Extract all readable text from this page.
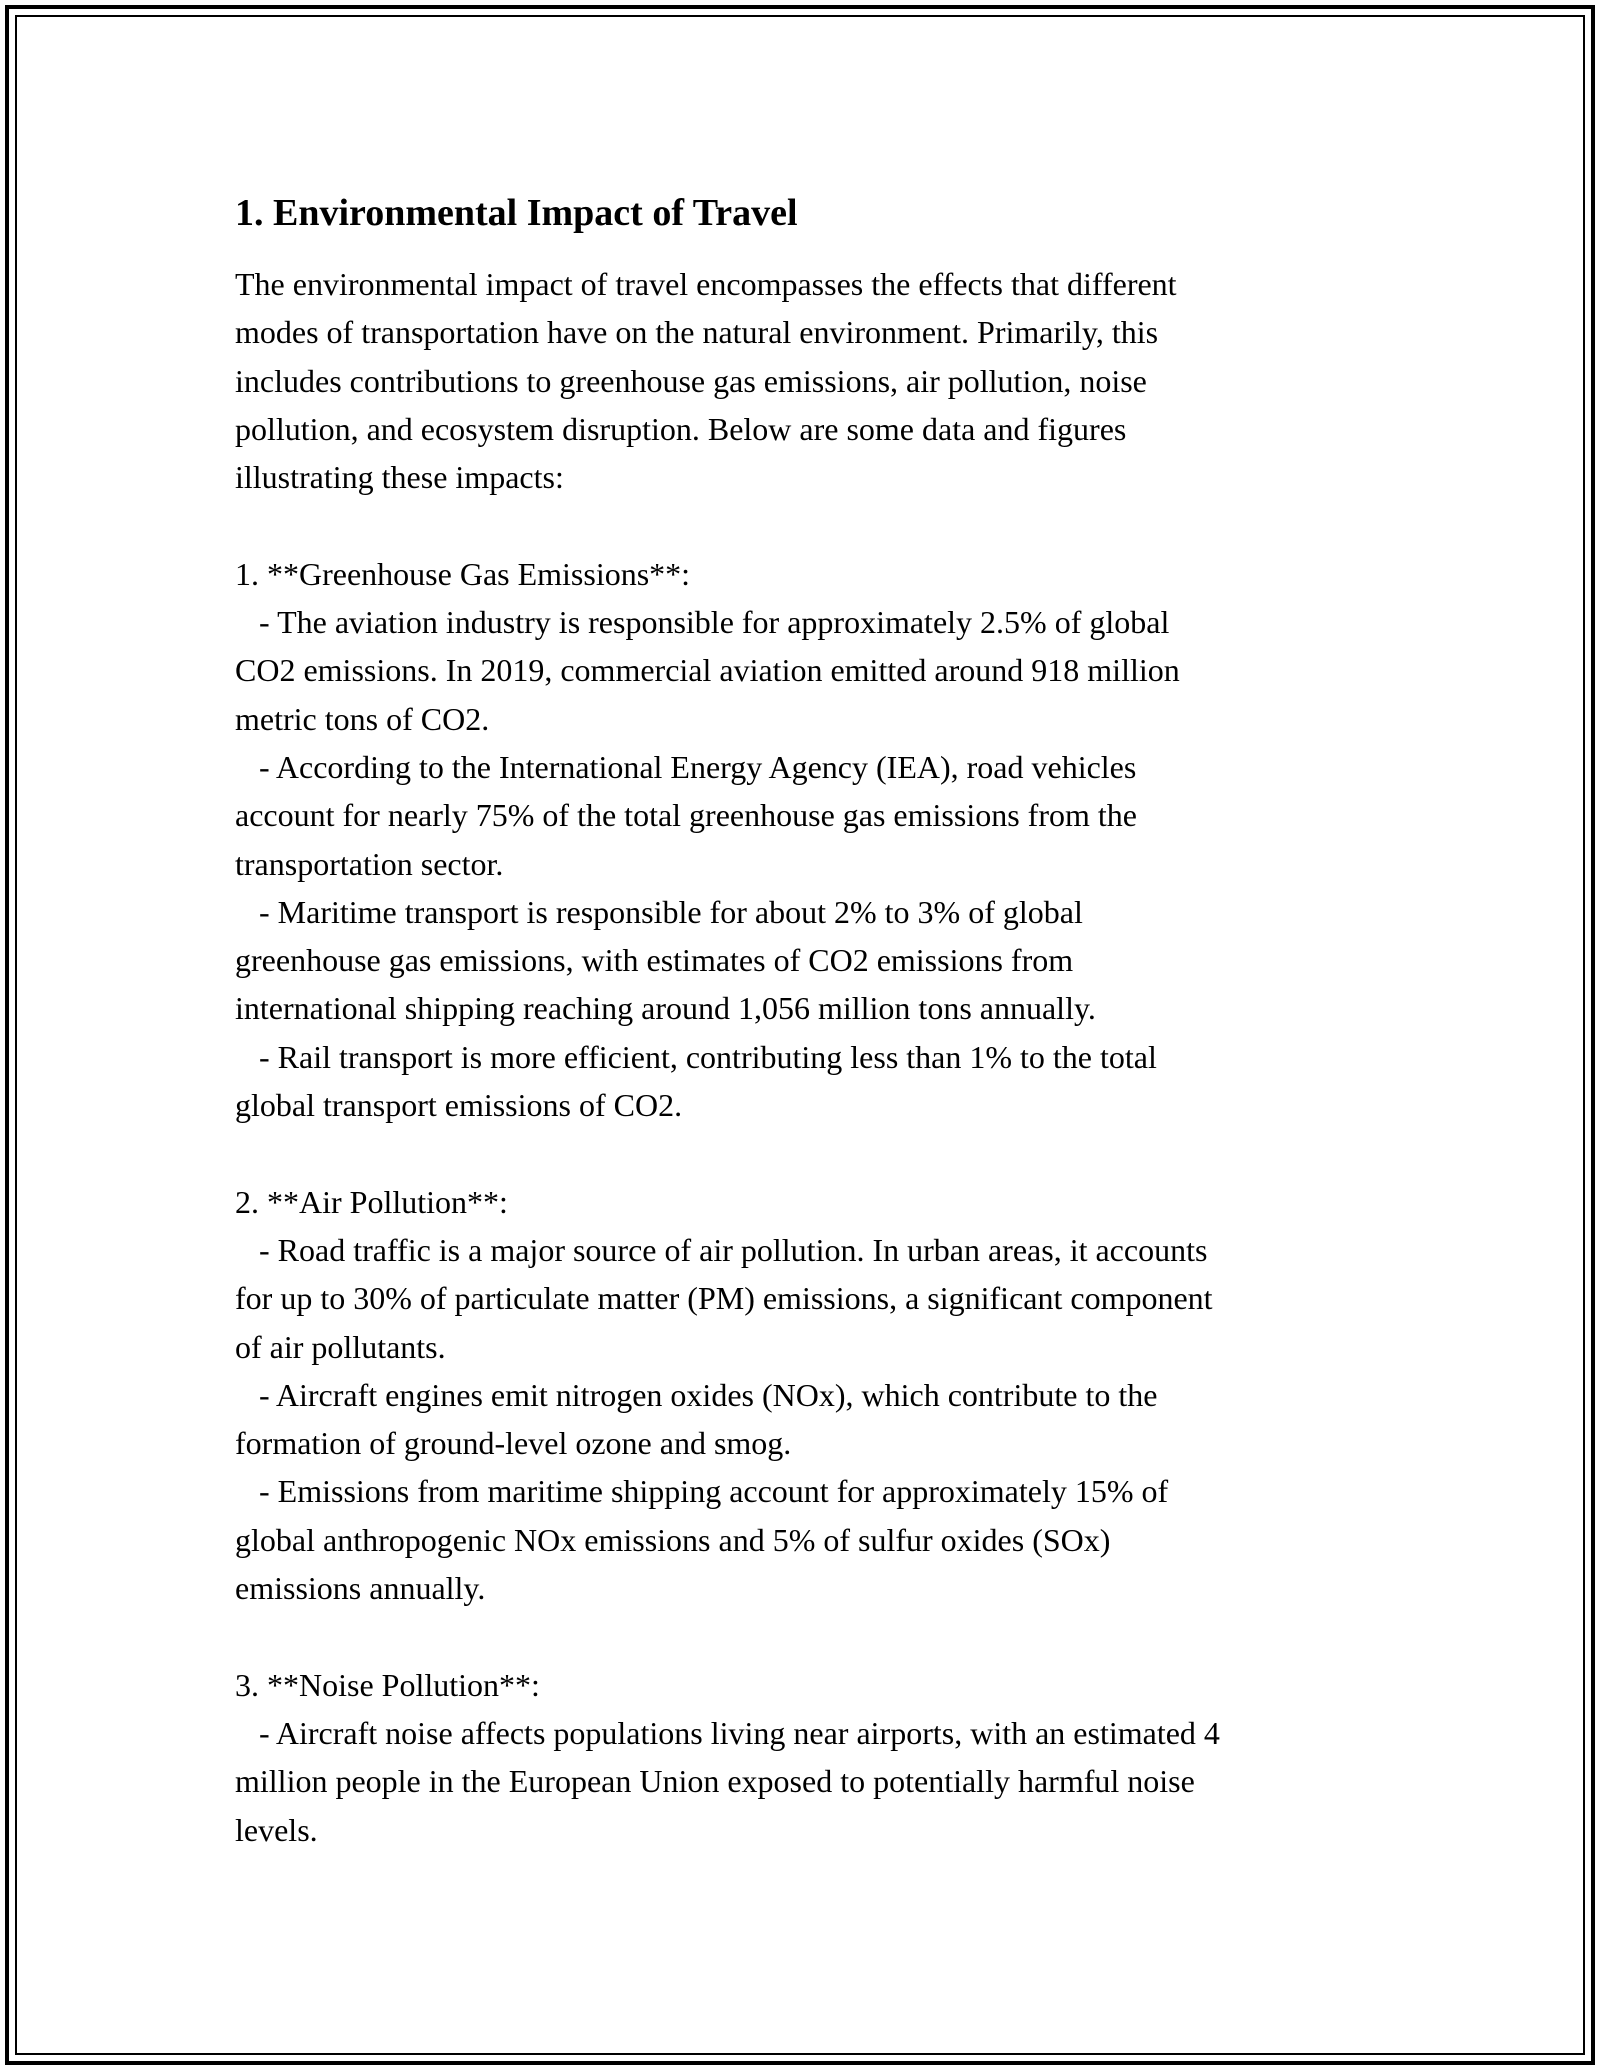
1. Environmental Impact of Travel

The environmental impact of travel encompasses the effects that different
modes of transportation have on the natural environment. Primarily, this
includes contributions to greenhouse gas emissions, air pollution, noise
pollution, and ecosystem disruption. Below are some data and figures
illustrating these impacts:

1. **Greenhouse Gas Emissions**:
- The aviation industry is responsible for approximately 2.5% of global
CO2 emissions. In 2019, commercial aviation emitted around 918 million
metric tons of CO2.
- According to the International Energy Agency (IEA), road vehicles
account for nearly 75% of the total greenhouse gas emissions from the
transportation sector.
- Maritime transport is responsible for about 2% to 3% of global
greenhouse gas emissions, with estimates of CO2 emissions from
international shipping reaching around 1,056 million tons annually.
- Rail transport is more efficient, contributing less than 1% to the total
global transport emissions of CO2.

2. **Air Pollution**:
- Road traffic is a major source of air pollution. In urban areas, it accounts
for up to 30% of particulate matter (PM) emissions, a significant component
of air pollutants.
- Aircraft engines emit nitrogen oxides (NOx), which contribute to the
formation of ground-level ozone and smog.
- Emissions from maritime shipping account for approximately 15% of
global anthropogenic NOx emissions and 5% of sulfur oxides (SOx)
emissions annually.

3. **Noise Pollution**:
- Aircraft noise affects populations living near airports, with an estimated 4
million people in the European Union exposed to potentially harmful noise
levels.
